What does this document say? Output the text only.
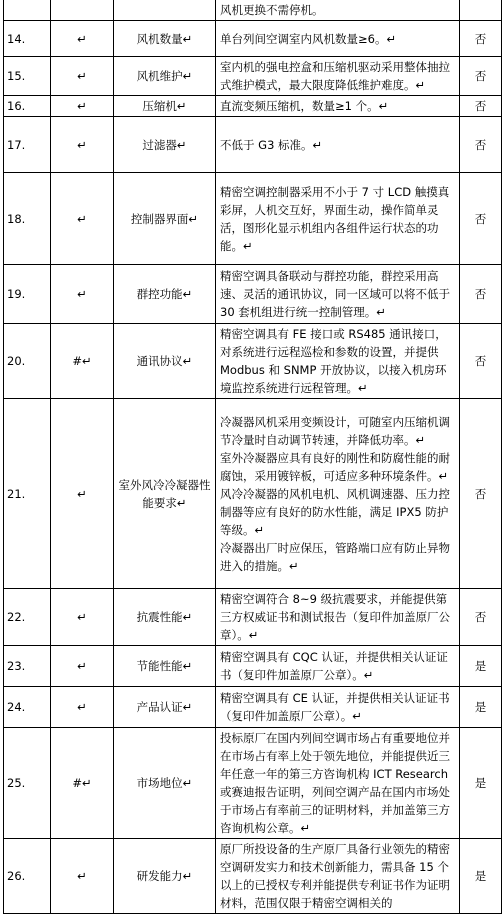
			风机更换不需停机。	
14.	↵	风机数量↵	单台列间空调室内风机数量≥6。↵	否
15.	↵	风机维护↵	室内机的强电控盒和压缩机驱动采用整体抽拉式维护模式，最大限度降低维护难度。↵	否
16.	↵	压缩机↵	直流变频压缩机，数量≥1 个。↵	否
17.	↵	过滤器↵	不低于 G3 标准。↵	否
18.	↵	控制器界面↵	精密空调控制器采用不小于 7 寸 LCD 触摸真彩屏，人机交互好，界面生动，操作简单灵活，图形化显示机组内各组件运行状态的功能。↵	否
19.	↵	群控功能↵	精密空调具备联动与群控功能，群控采用高速、灵活的通讯协议，同一区域可以将不低于 30 套机组进行统一控制管理。↵	否
20.	#↵	通讯协议↵	精密空调具有 FE 接口或 RS485 通讯接口，对系统进行远程巡检和参数的设置，并提供 Modbus 和 SNMP 开放协议，以接入机房环境监控系统进行远程管理。↵	否
21.	↵	室外风冷冷凝器性能要求↵	冷凝器风机采用变频设计，可随室内压缩机调节冷量时自动调节转速，并降低功率。↵
室外冷凝器应具有良好的刚性和防腐性能的耐腐蚀，采用镀锌板，可适应多种环境条件。↵
风冷冷凝器的风机电机、风机调速器、压力控制器等应有良好的防水性能，满足 IPX5 防护等级。↵
冷凝器出厂时应保压，管路端口应有防止异物进入的措施。↵	否
22.	↵	抗震性能↵	精密空调符合 8~9 级抗震要求，并能提供第三方权威证书和测试报告（复印件加盖原厂公章）。↵	否
23.	↵	节能性能↵	精密空调具有 CQC 认证，并提供相关认证证书（复印件加盖原厂公章）。↵	是
24.	↵	产品认证↵	精密空调具有 CE 认证，并提供相关认证证书（复印件加盖原厂公章）。↵	是
25.	#↵	市场地位↵	投标原厂在国内列间空调市场占有重要地位并在市场占有率上处于领先地位，并能提供近三年任意一年的第三方咨询机构 ICT Research 或赛迪报告证明，列间空调产品在国内市场处于市场占有率前三的证明材料，并加盖第三方咨询机构公章。↵	是
26.	↵	研发能力↵	原厂所投设备的生产原厂具备行业领先的精密空调研发实力和技术创新能力，需具备 15 个以上的已授权专利并能提供专利证书作为证明材料，范围仅限于精密空调相关的	是
